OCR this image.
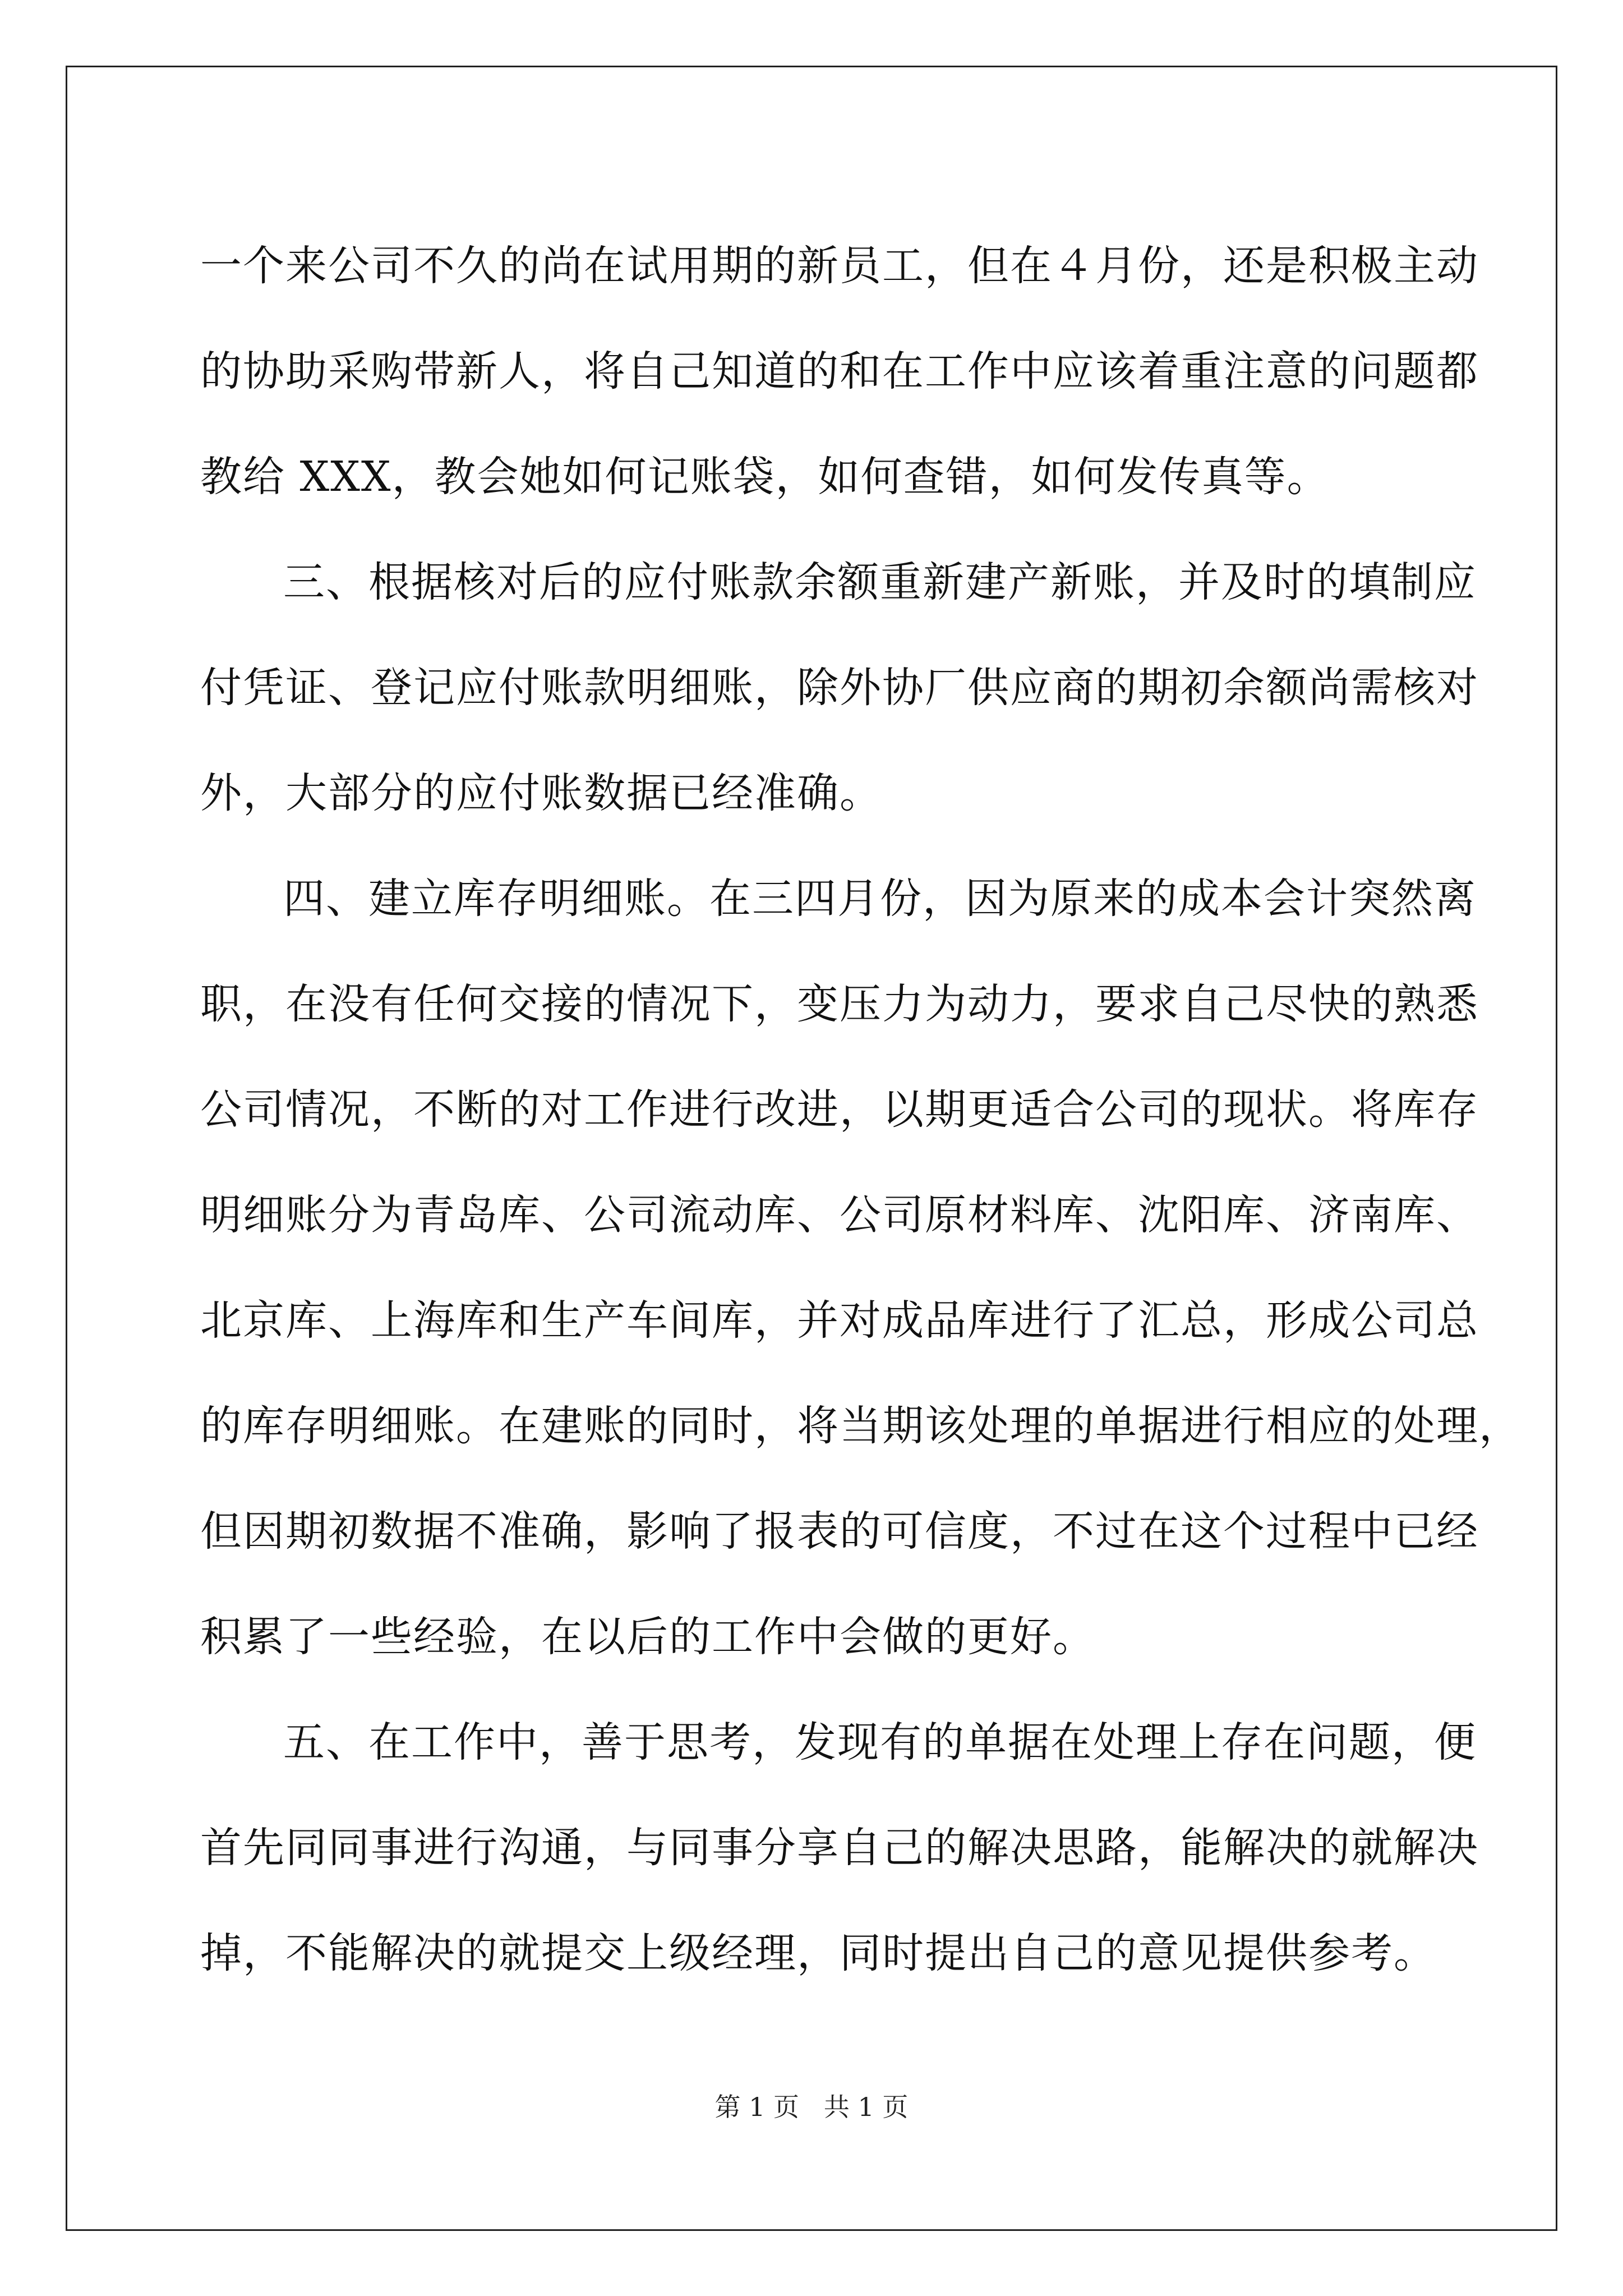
一个来公司不久的尚在试用期的新员工，但在４月份，还是积极主动
的协助采购带新人，将自己知道的和在工作中应该着重注意的问题都
教给 XXX，教会她如何记账袋，如何查错，如何发传真等。
三、根据核对后的应付账款余额重新建产新账，并及时的填制应
付凭证、登记应付账款明细账，除外协厂供应商的期初余额尚需核对
外，大部分的应付账数据已经准确。
四、建立库存明细账。在三四月份，因为原来的成本会计突然离
职，在没有任何交接的情况下，变压力为动力，要求自己尽快的熟悉
公司情况，不断的对工作进行改进，以期更适合公司的现状。将库存
明细账分为青岛库、公司流动库、公司原材料库、沈阳库、济南库、
北京库、上海库和生产车间库，并对成品库进行了汇总，形成公司总
的库存明细账。在建账的同时，将当期该处理的单据进行相应的处理，
但因期初数据不准确，影响了报表的可信度，不过在这个过程中已经
积累了一些经验，在以后的工作中会做的更好。
五、在工作中，善于思考，发现有的单据在处理上存在问题，便
首先同同事进行沟通，与同事分享自己的解决思路，能解决的就解决
掉，不能解决的就提交上级经理，同时提出自己的意见提供参考。
第 1 页   共 1 页
